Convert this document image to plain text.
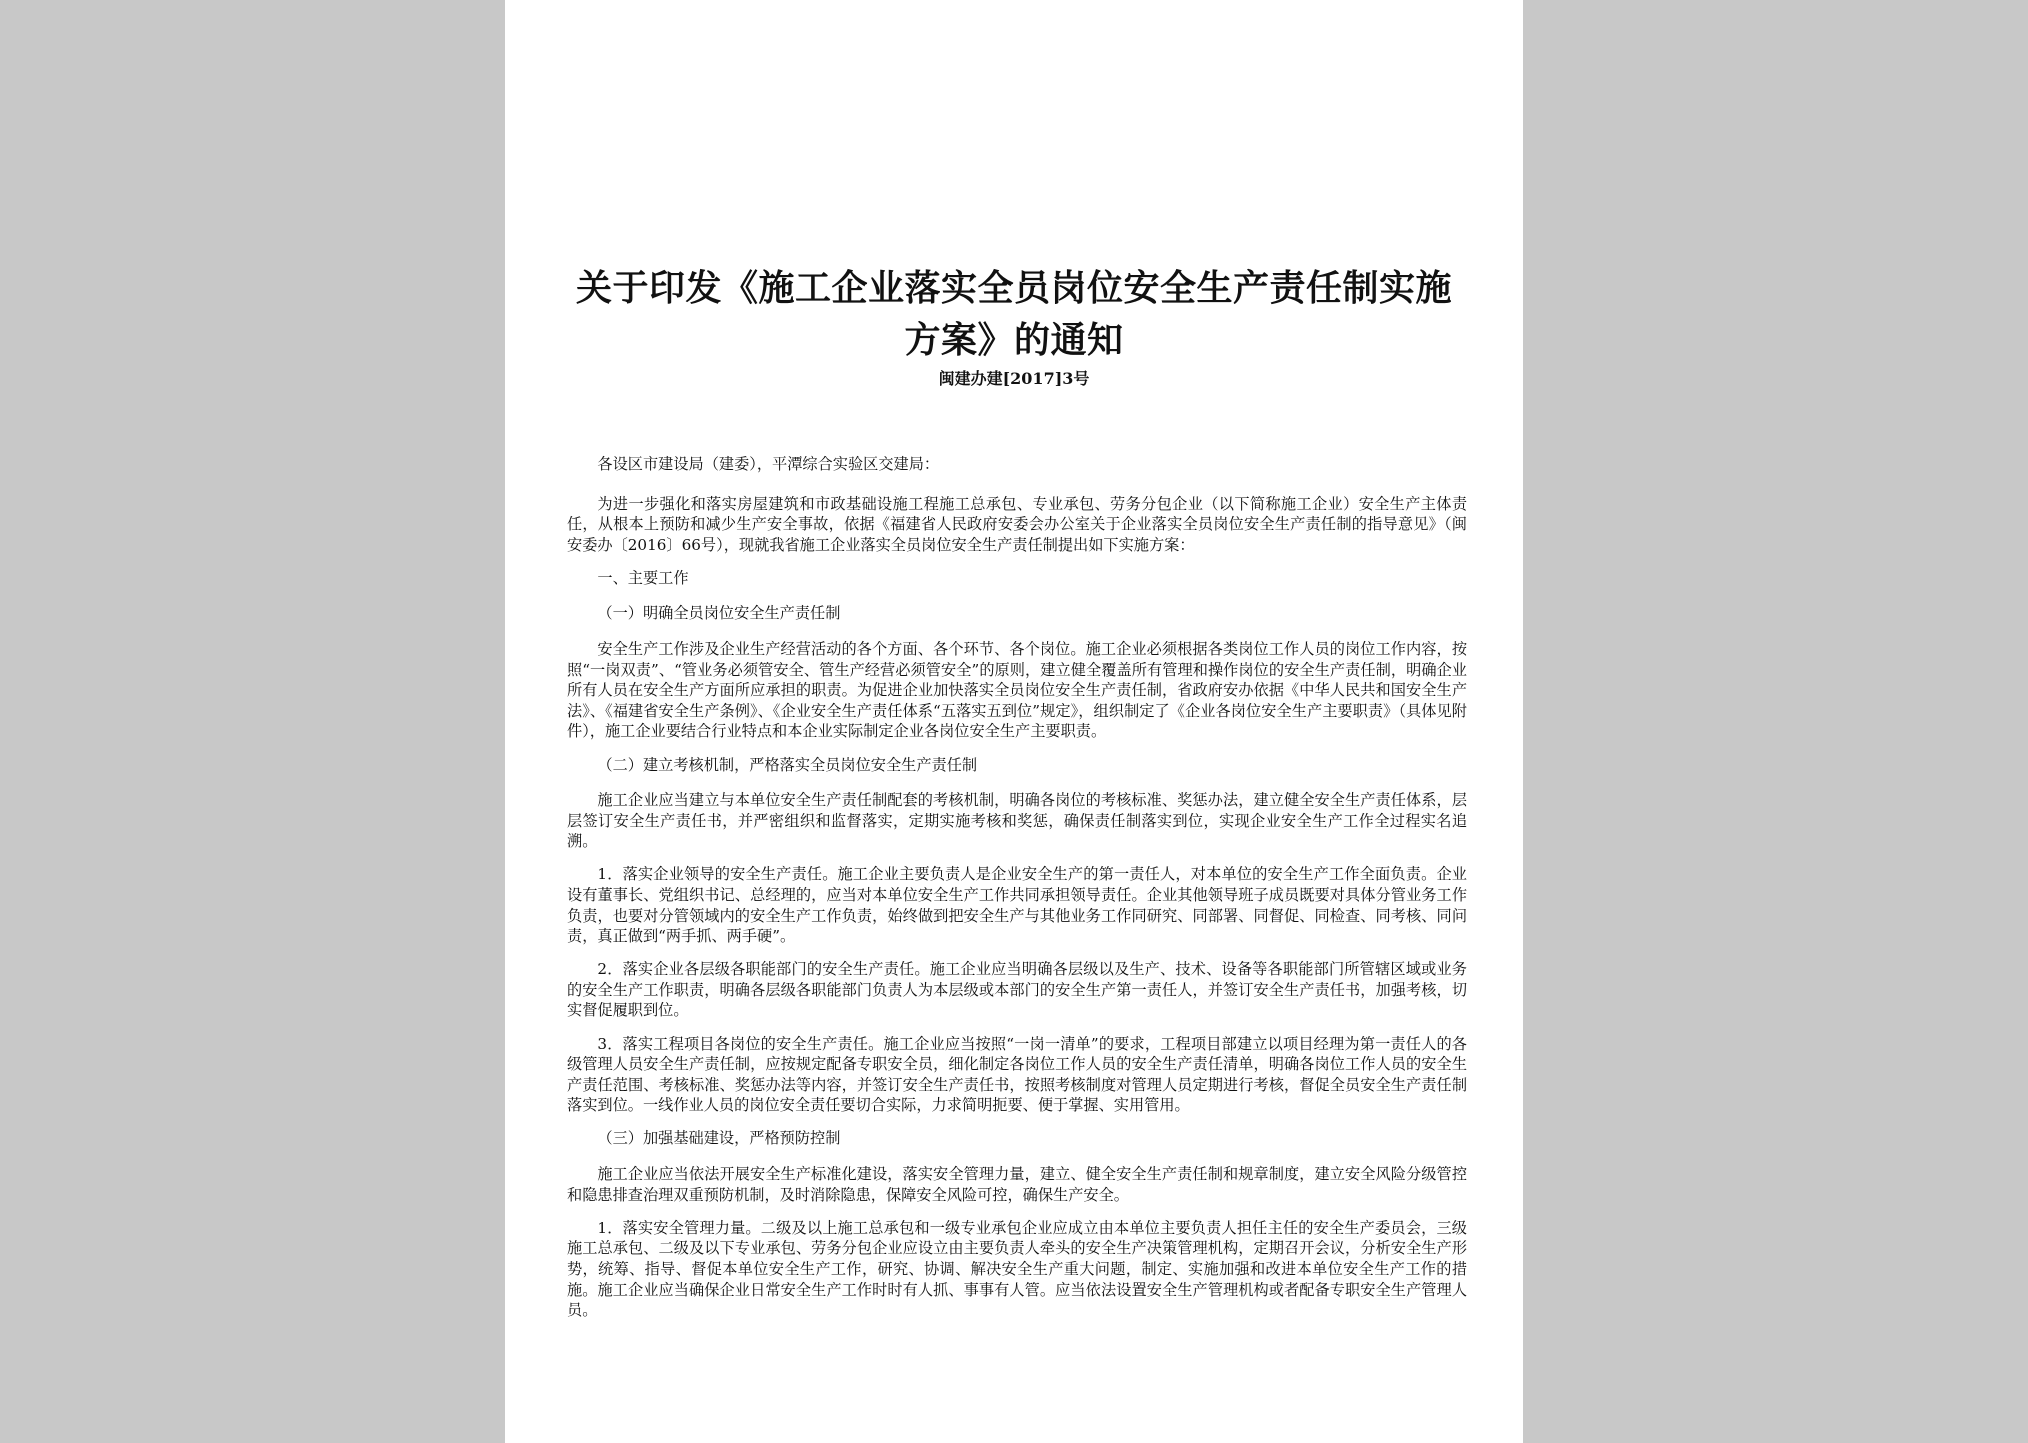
关于印发《施工企业落实全员岗位安全生产责任制实施
方案》的通知
闽建办建[2017]3号

各设区市建设局（建委），平潭综合实验区交建局：

为进一步强化和落实房屋建筑和市政基础设施工程施工总承包、专业承包、劳务分包企业（以下简称施工企业）安全生产主体责任，从根本上预防和减少生产安全事故，依据《福建省人民政府安委会办公室关于企业落实全员岗位安全生产责任制的指导意见》（闽安委办〔2016〕66号），现就我省施工企业落实全员岗位安全生产责任制提出如下实施方案：

一、主要工作

（一）明确全员岗位安全生产责任制

安全生产工作涉及企业生产经营活动的各个方面、各个环节、各个岗位。施工企业必须根据各类岗位工作人员的岗位工作内容，按照“一岗双责”、“管业务必须管安全、管生产经营必须管安全”的原则，建立健全覆盖所有管理和操作岗位的安全生产责任制，明确企业所有人员在安全生产方面所应承担的职责。为促进企业加快落实全员岗位安全生产责任制，省政府安办依据《中华人民共和国安全生产法》、《福建省安全生产条例》、《企业安全生产责任体系“五落实五到位”规定》，组织制定了《企业各岗位安全生产主要职责》（具体见附件），施工企业要结合行业特点和本企业实际制定企业各岗位安全生产主要职责。

（二）建立考核机制，严格落实全员岗位安全生产责任制

施工企业应当建立与本单位安全生产责任制配套的考核机制，明确各岗位的考核标准、奖惩办法，建立健全安全生产责任体系，层层签订安全生产责任书，并严密组织和监督落实，定期实施考核和奖惩，确保责任制落实到位，实现企业安全生产工作全过程实名追溯。

1．落实企业领导的安全生产责任。施工企业主要负责人是企业安全生产的第一责任人，对本单位的安全生产工作全面负责。企业设有董事长、党组织书记、总经理的，应当对本单位安全生产工作共同承担领导责任。企业其他领导班子成员既要对具体分管业务工作负责，也要对分管领域内的安全生产工作负责，始终做到把安全生产与其他业务工作同研究、同部署、同督促、同检查、同考核、同问责，真正做到“两手抓、两手硬”。

2．落实企业各层级各职能部门的安全生产责任。施工企业应当明确各层级以及生产、技术、设备等各职能部门所管辖区域或业务的安全生产工作职责，明确各层级各职能部门负责人为本层级或本部门的安全生产第一责任人，并签订安全生产责任书，加强考核，切实督促履职到位。

3．落实工程项目各岗位的安全生产责任。施工企业应当按照“一岗一清单”的要求，工程项目部建立以项目经理为第一责任人的各级管理人员安全生产责任制，应按规定配备专职安全员，细化制定各岗位工作人员的安全生产责任清单，明确各岗位工作人员的安全生产责任范围、考核标准、奖惩办法等内容，并签订安全生产责任书，按照考核制度对管理人员定期进行考核，督促全员安全生产责任制落实到位。一线作业人员的岗位安全责任要切合实际，力求简明扼要、便于掌握、实用管用。

（三）加强基础建设，严格预防控制

施工企业应当依法开展安全生产标准化建设，落实安全管理力量，建立、健全安全生产责任制和规章制度，建立安全风险分级管控和隐患排查治理双重预防机制，及时消除隐患，保障安全风险可控，确保生产安全。

1．落实安全管理力量。二级及以上施工总承包和一级专业承包企业应成立由本单位主要负责人担任主任的安全生产委员会，三级施工总承包、二级及以下专业承包、劳务分包企业应设立由主要负责人牵头的安全生产决策管理机构，定期召开会议，分析安全生产形势，统筹、指导、督促本单位安全生产工作，研究、协调、解决安全生产重大问题，制定、实施加强和改进本单位安全生产工作的措施。施工企业应当确保企业日常安全生产工作时时有人抓、事事有人管。应当依法设置安全生产管理机构或者配备专职安全生产管理人员。
